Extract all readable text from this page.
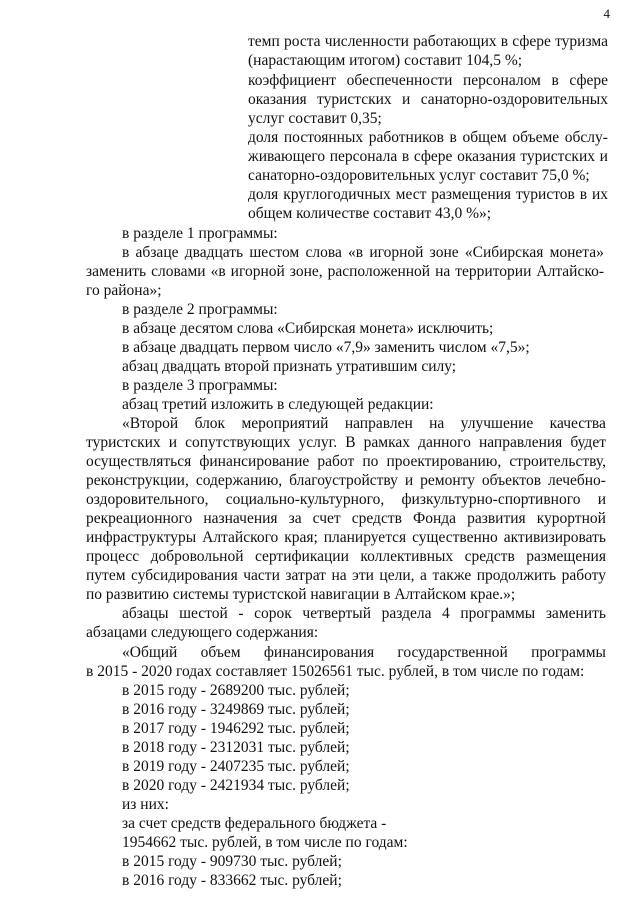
4
темп роста численности работающих в сфере туризма
(нарастающим итогом) составит 104,5 %;
коэффициент обеспеченности персоналом в сфере
оказания туристских и санаторно-оздоровительных
услуг составит 0,35;
доля постоянных работников в общем объеме обслу-
живающего персонала в сфере оказания туристских и
санаторно-оздоровительных услуг составит 75,0 %;
доля круглогодичных мест размещения туристов в их
общем количестве составит 43,0 %»;
в разделе 1 программы:
в абзаце двадцать шестом слова «в игорной зоне «Сибирская монета»
заменить словами «в игорной зоне, расположенной на территории Алтайско-
го района»;
в разделе 2 программы:
в абзаце десятом слова «Сибирская монета» исключить;
в абзаце двадцать первом число «7,9» заменить числом «7,5»;
абзац двадцать второй признать утратившим силу;
в разделе 3 программы:
абзац третий изложить в следующей редакции:
«Второй блок мероприятий направлен на улучшение качества
туристских и сопутствующих услуг. В рамках данного направления будет
осуществляться финансирование работ по проектированию, строительству,
реконструкции, содержанию, благоустройству и ремонту объектов лечебно-
оздоровительного, социально-культурного, физкультурно-спортивного и
рекреационного назначения за счет средств Фонда развития курортной
инфраструктуры Алтайского края; планируется существенно активизировать
процесс добровольной сертификации коллективных средств размещения
путем субсидирования части затрат на эти цели, а также продолжить работу
по развитию системы туристской навигации в Алтайском крае.»;
абзацы шестой - сорок четвертый раздела 4 программы заменить
абзацами следующего содержания:
«Общий объем финансирования государственной программы
в 2015 - 2020 годах составляет 15026561 тыс. рублей, в том числе по годам:
в 2015 году - 2689200 тыс. рублей;
в 2016 году - 3249869 тыс. рублей;
в 2017 году - 1946292 тыс. рублей;
в 2018 году - 2312031 тыс. рублей;
в 2019 году - 2407235 тыс. рублей;
в 2020 году - 2421934 тыс. рублей;
из них:
за счет средств федерального бюджета -
1954662 тыс. рублей, в том числе по годам:
в 2015 году - 909730 тыс. рублей;
в 2016 году - 833662 тыс. рублей;
